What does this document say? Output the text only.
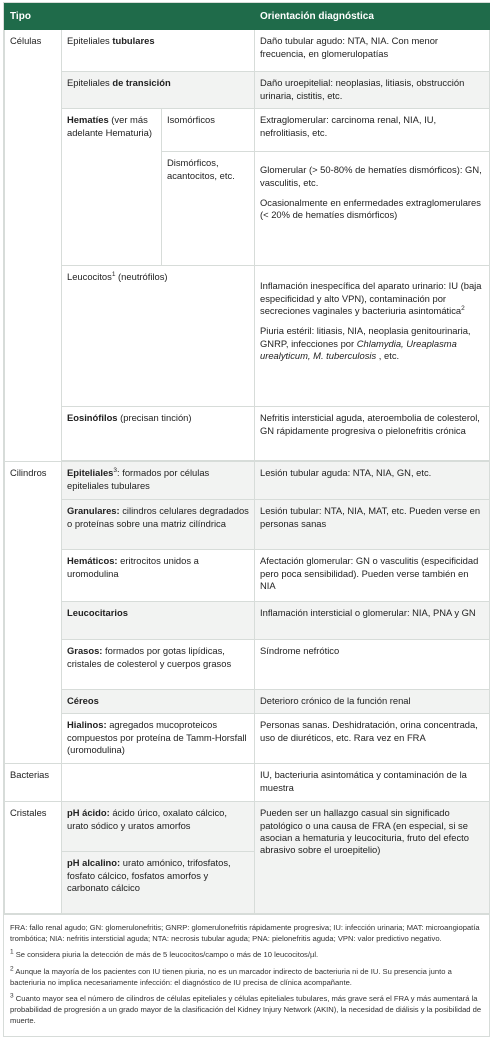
Tipo			Orientación diagnóstica
Células	Epiteliales tubulares		Daño tubular agudo: NTA, NIA. Con menor frecuencia, en glomerulopatías
	Epiteliales de transición		Daño uroepitelial: neoplasias, litiasis, obstrucción urinaria, cistitis, etc.
	Hematíes (ver más adelante Hematuria)	Isomórficos	Extraglomerular: carcinoma renal, NIA, IU, nefrolitiasis, etc.
		Dismórficos, acantocitos, etc.	Glomerular (> 50-80% de hematíes dismórficos): GN, vasculitis, etc.

Ocasionalmente en enfermedades extraglomerulares (< 20% de hematíes dismórficos)

	Leucocitos$^1$ (neutrófilos)		Inflamación inespecífica del aparato urinario: IU (baja especificidad y alto VPN), contaminación por secreciones vaginales y bacteriuria asintomática$^2$

Piuria estéril: litiasis, NIA, neoplasia genitourinaria, GNRP, infecciones por Chlamydia, Ureaplasma urealyticum, M. tuberculosis , etc.

	Eosinófilos (precisan tinción)		Nefritis intersticial aguda, ateroembolia de colesterol, GN rápidamente progresiva o pielonefritis crónica

Cilindros	Epiteliales$^3$: formados por células epiteliales tubulares		Lesión tubular aguda: NTA, NIA, GN, etc.
	Granulares: cilindros celulares degradados o proteínas sobre una matriz cilíndrica		Lesión tubular: NTA, NIA, MAT, etc. Pueden verse en personas sanas
	Hemáticos: eritrocitos unidos a uromodulina		Afectación glomerular: GN o vasculitis (especificidad pero poca sensibilidad). Pueden verse también en NIA
	Leucocitarios		Inflamación intersticial o glomerular: NIA, PNA y GN
	Grasos: formados por gotas lipídicas, cristales de colesterol y cuerpos grasos		Síndrome nefrótico
	Céreos		Deterioro crónico de la función renal
	Hialinos: agregados mucoproteicos compuestos por proteína de Tamm-Horsfall (uromodulina)		Personas sanas. Deshidratación, orina concentrada, uso de diuréticos, etc. Rara vez en FRA
Bacterias			IU, bacteriuria asintomática y contaminación de la muestra
Cristales	pH ácido: ácido úrico, oxalato cálcico, urato sódico y uratos amorfos		Pueden ser un hallazgo casual sin significado patológico o una causa de FRA (en especial, si se asocian a hematuria y leucocituria, fruto del efecto abrasivo sobre el uroepitelio)
	pH alcalino: urato amónico, trifosfatos, fosfato cálcico, fosfatos amorfos y carbonato cálcico		

FRA: fallo renal agudo; GN: glomerulonefritis; GNRP: glomerulonefritis rápidamente progresiva; IU: infección urinaria; MAT: microangiopatía trombótica; NIA: nefritis intersticial aguda; NTA: necrosis tubular aguda; PNA: pielonefritis aguda; VPN: valor predictivo negativo.

$^1$ Se considera piuria la detección de más de 5 leucocitos/campo o más de 10 leucocitos/µl.

$^2$ Aunque la mayoría de los pacientes con IU tienen piuria, no es un marcador indirecto de bacteriuria ni de IU. Su presencia junto a bacteriuria no implica necesariamente infección: el diagnóstico de IU precisa de clínica acompañante.

$^3$ Cuanto mayor sea el número de cilindros de células epiteliales y células epiteliales tubulares, más grave será el FRA y más aumentará la probabilidad de progresión a un grado mayor de la clasificación del Kidney Injury Network (AKIN), la necesidad de diálisis y la posibilidad de muerte.
